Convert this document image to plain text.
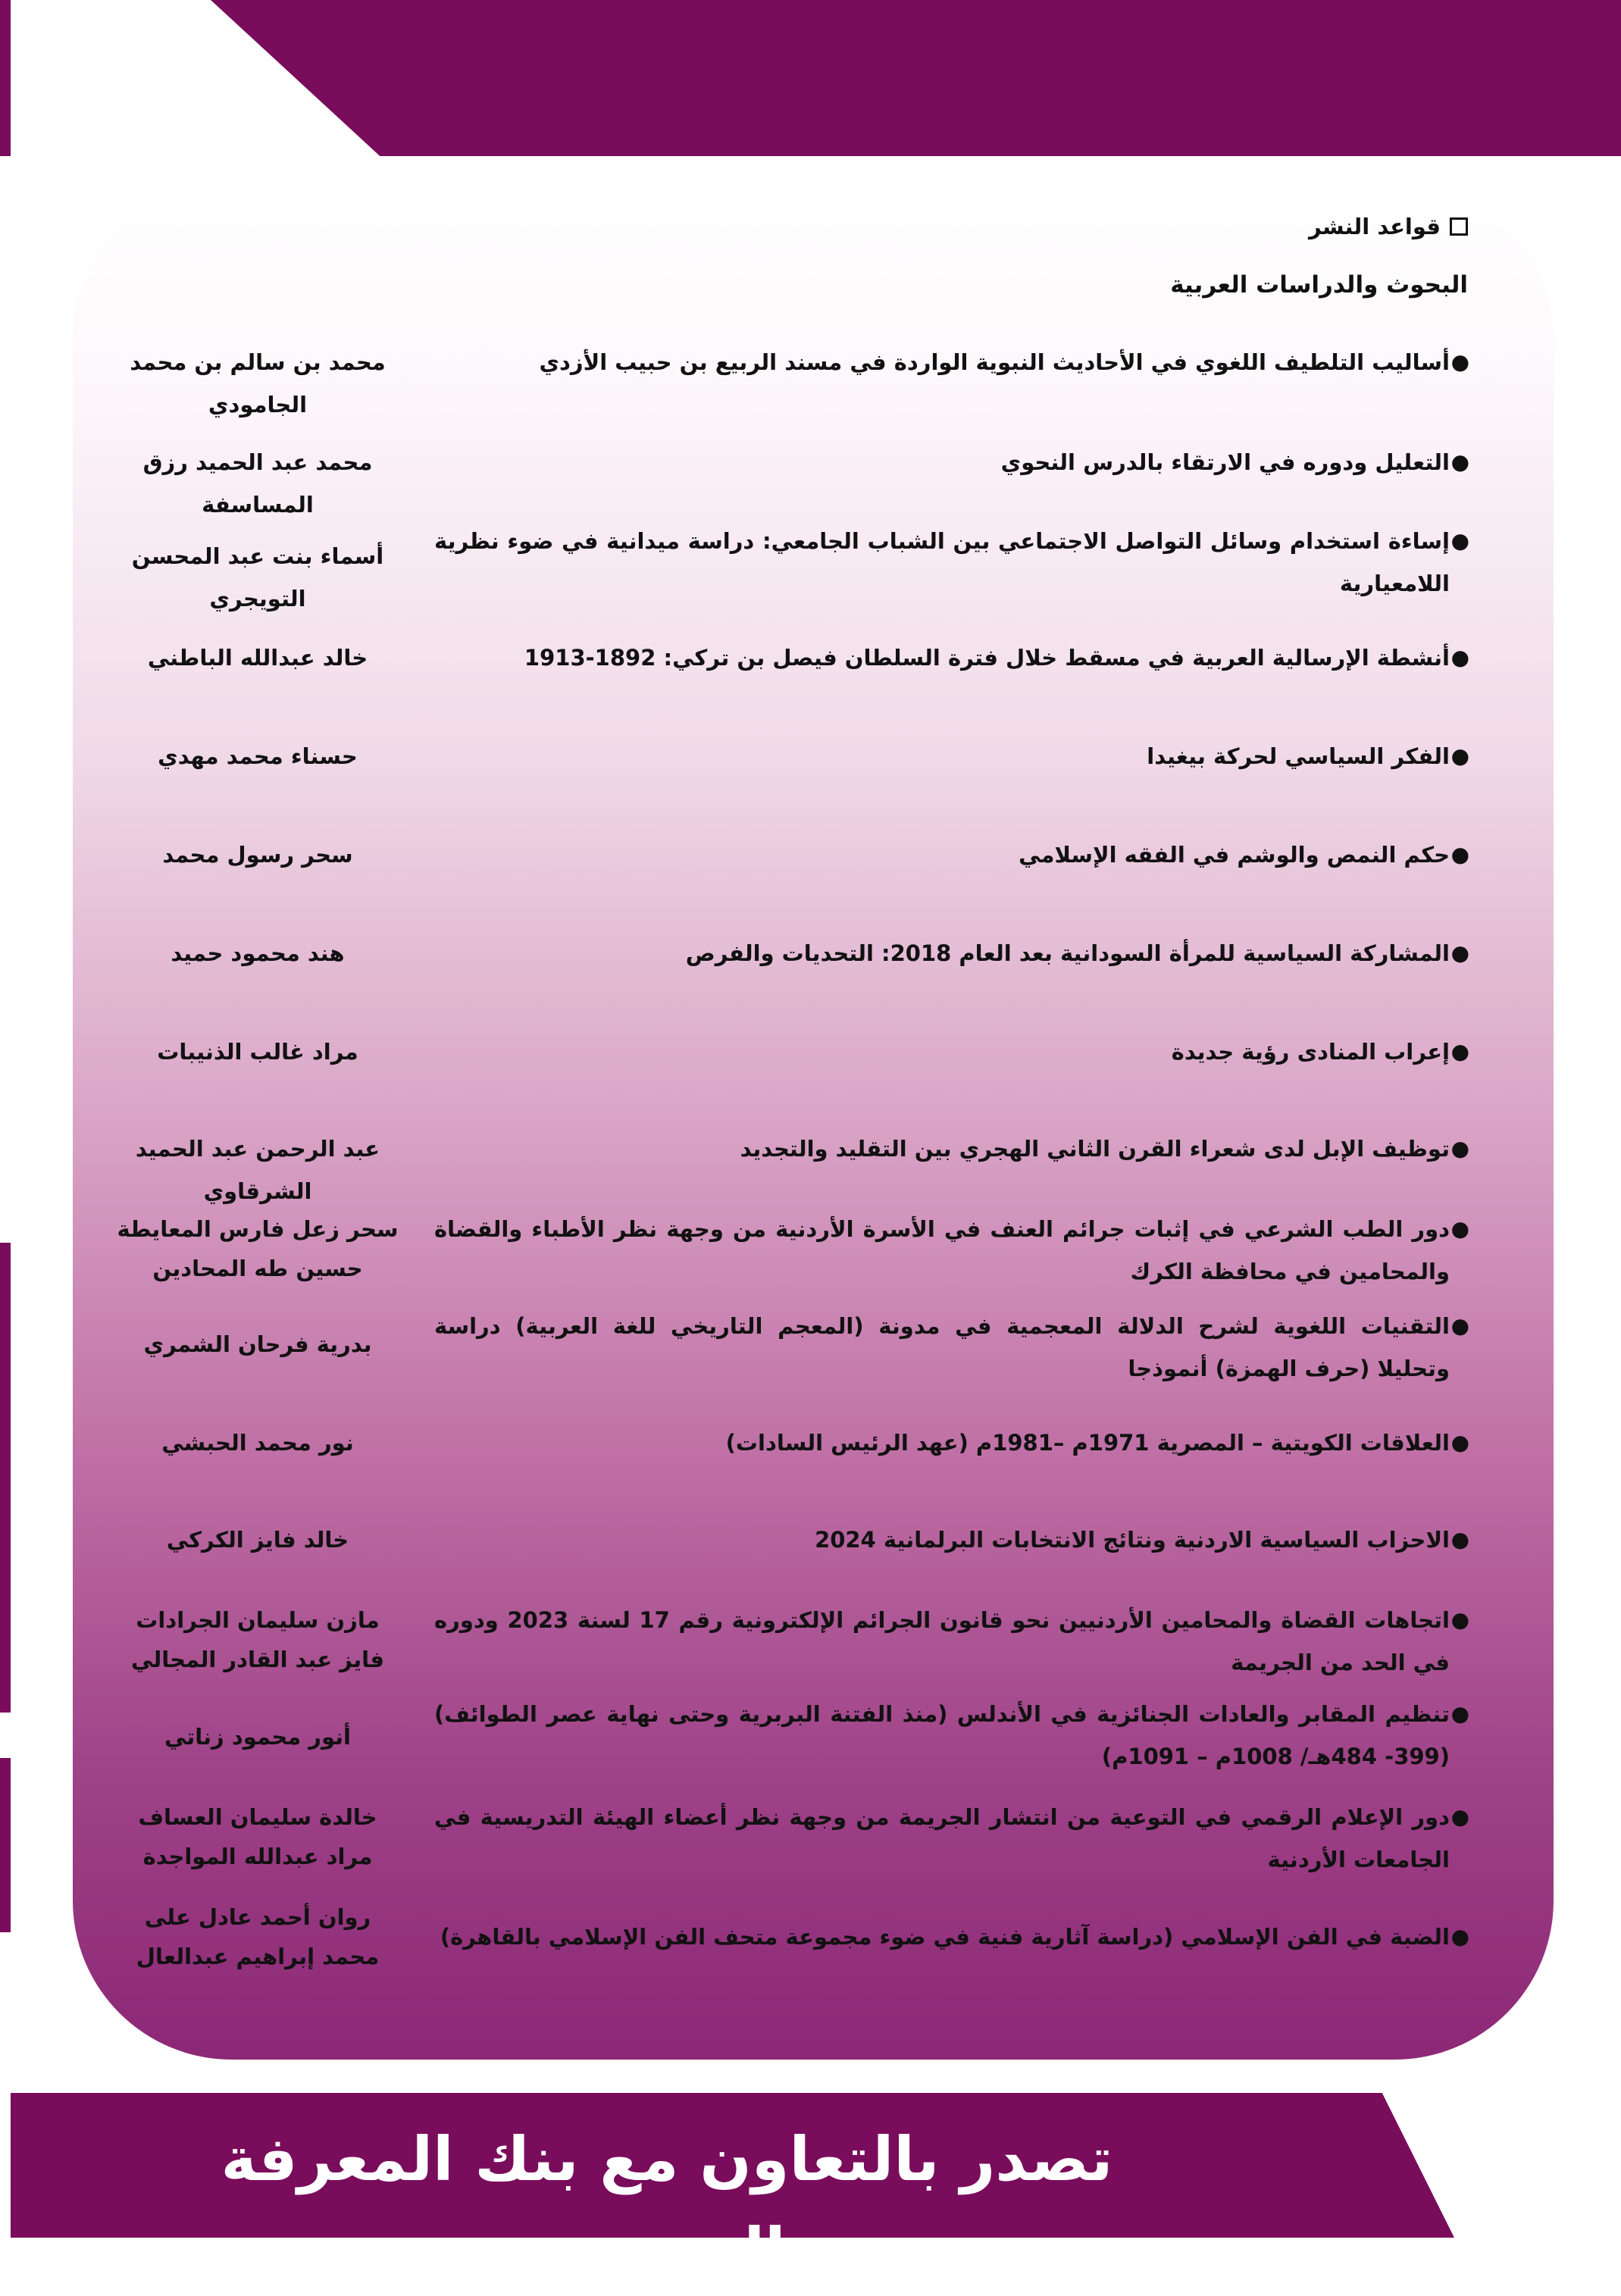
قواعد النشر
البحوث والدراسات العربية
●
أساليب التلطيف اللغوي في الأحاديث النبوية الواردة في مسند الربيع بن حبيب الأزدي
محمد بن سالم بن محمد الجامودي
●
التعليل ودوره في الارتقاء بالدرس النحوي
محمد عبد الحميد رزق المساسفة
●
إساءة استخدام وسائل التواصل الاجتماعي بين الشباب الجامعي: دراسة ميدانية في ضوء نظرية اللامعيارية
أسماء بنت عبد المحسن التويجري
●
أنشطة الإرسالية العربية في مسقط خلال فترة السلطان فيصل بن تركي: 1892-1913
خالد عبدالله الباطني
●
الفكر السياسي لحركة بيغيدا
حسناء محمد مهدي
●
حكم النمص والوشم في الفقه الإسلامي
سحر رسول محمد
●
المشاركة السياسية للمرأة السودانية بعد العام 2018: التحديات والفرص
هند محمود حميد
●
إعراب المنادى رؤية جديدة
مراد غالب الذنيبات
●
توظيف الإبل لدى شعراء القرن الثاني الهجري بين التقليد والتجديد
عبد الرحمن عبد الحميد الشرقاوي
●
دور الطب الشرعي في إثبات جرائم العنف في الأسرة الأردنية من وجهة نظر الأطباء والقضاة والمحامين في محافظة الكرك
سحر زعل فارس المعايطة
حسين طه المحادين
●
التقنيات اللغوية لشرح الدلالة المعجمية في مدونة (المعجم التاريخي للغة العربية) دراسة وتحليلا (حرف الهمزة) أنموذجا
بدرية فرحان الشمري
●
العلاقات الكويتية – المصرية 1971م –1981م (عهد الرئيس السادات)
نور محمد الحبشي
●
الاحزاب السياسية الاردنية ونتائج الانتخابات البرلمانية 2024
خالد فايز الكركي
●
اتجاهات القضاة والمحامين الأردنيين نحو قانون الجرائم الإلكترونية رقم 17 لسنة 2023 ودوره في الحد من الجريمة
مازن سليمان الجرادات
فايز عبد القادر المجالي
●
تنظيم المقابر والعادات الجنائزية في الأندلس (منذ الفتنة البربرية وحتى نهاية عصر الطوائف) (399- 484هـ/ 1008م – 1091م)
أنور محمود زناتي
●
دور الإعلام الرقمي في التوعية من انتشار الجريمة من وجهة نظر أعضاء الهيئة التدريسية في الجامعات الأردنية
خالدة سليمان العساف
مراد عبدالله المواجدة
●
الضبة في الفن الإسلامي (دراسة آثارية فنية في ضوء مجموعة متحف الفن الإسلامي بالقاهرة)
روان أحمد عادل على
محمد إبراهيم عبدالعال
تصدر بالتعاون مع بنك المعرفة المصري
